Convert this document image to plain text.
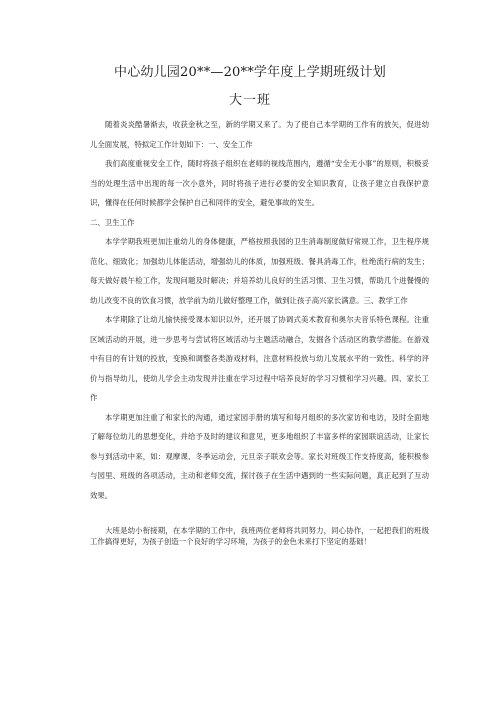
中心幼儿园20**—20**学年度上学期班级计划
大一班

随着炎炎酷暑渐去，收获金秋之至，新的学期又来了。为了使自己本学期的工作有的放矢，促进幼儿全面发展，特拟定工作计划如下：一、安全工作

我们高度重视安全工作，随时将孩子组织在老师的视线范围内，遵循“安全无小事”的原则，积极妥当的处理生活中出现的每一次小意外，同时将孩子进行必要的安全知识教育，让孩子建立自我保护意识，懂得在任何时候都学会保护自己和同伴的安全，避免事故的发生。

二、卫生工作

本学学期我班更加注重幼儿的身体健康，严格按照我园的卫生消毒制度做好常规工作，卫生程序规范化、细致化；加强幼儿体能活动，增强幼儿的体质，加强班级、餐具消毒工作，杜绝流行病的发生；每天做好晨午检工作，发现问题及时解决；并培养幼儿良好的生活习惯、卫生习惯，帮助几个进餐慢的幼儿改变不良的饮食习惯，放学前为幼儿做好整理工作，做到让孩子高兴家长满意。三、教学工作

本学期除了让幼儿愉快接受课本知识以外，还开展了协调式美术教育和奥尔夫音乐特色课程。注重区域活动的开展，进一步思考与尝试将区域活动与主题活动融合，发掘各个活动区的教学潜能。在游戏中有目的有计划的投放，变换和调整各类游戏材料，注意材料投放与幼儿发展水平的一致性。科学的评价与指导幼儿，使幼儿学会主动发现并注重在学习过程中培养良好的学习习惯和学习兴趣。四、家长工作

本学期更加注重了和家长的沟通，通过家园手册的填写和每月组织的多次家访和电访，及时全面地了解每位幼儿的思想变化，并给予及时的建议和意见，更多地组织了丰富多样的家园联谊活动，让家长参与到活动中来，如：观摩课、冬季运动会，元旦亲子联欢会等。家长对班级工作支持度高，能积极参与园里、班级的各项活动，主动和老师交流，探讨孩子在生活中遇到的一些实际问题，真正起到了互动效果。

大班是幼小衔接期，在本学期的工作中，我班两位老师将共同努力，同心协作，一起把我们的班级工作搞得更好，为孩子创造一个良好的学习环境，为孩子的金色未来打下坚定的基础！
